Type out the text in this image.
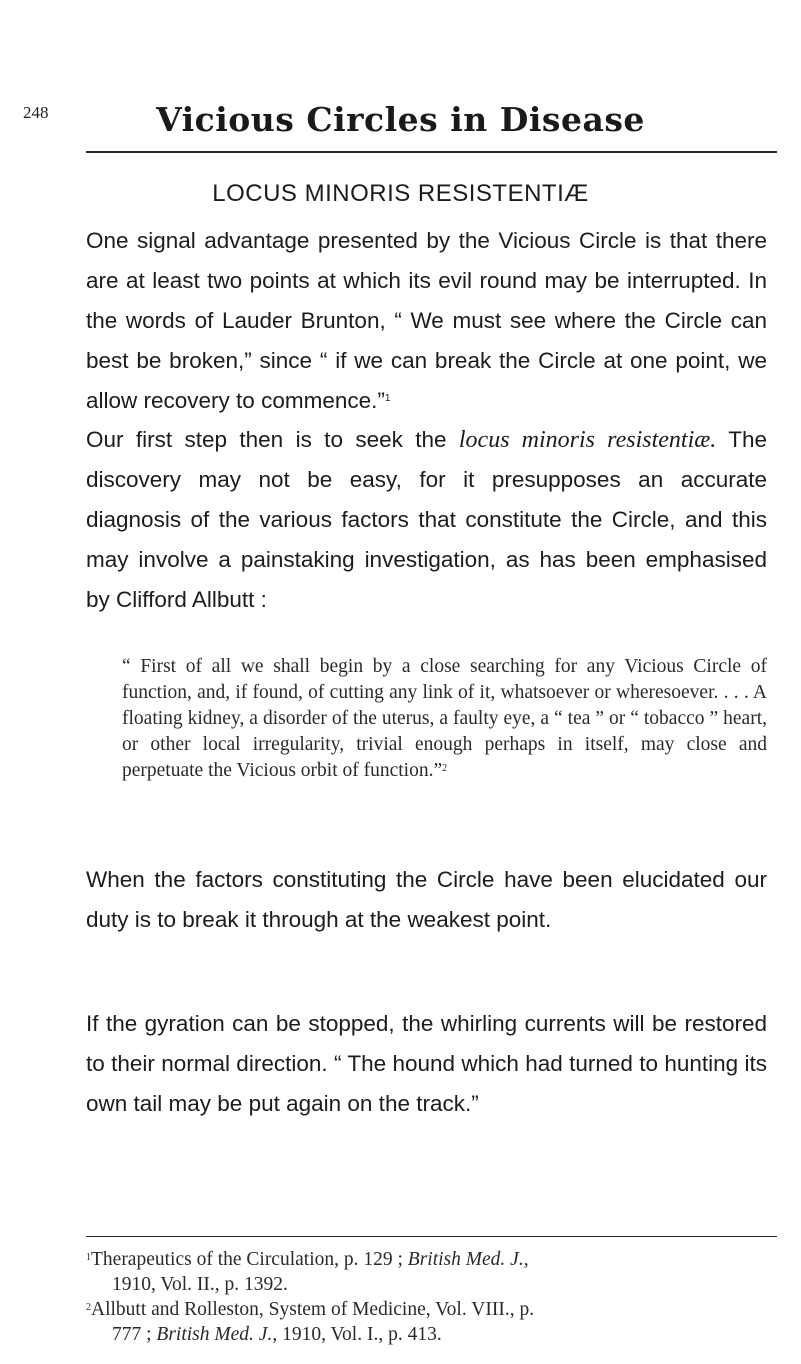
248	Vicious Circles in Disease
LOCUS MINORIS RESISTENTIÆ
One signal advantage presented by the Vicious Circle is that there are at least two points at which its evil round may be interrupted. In the words of Lauder Brunton, “ We must see where the Circle can best be broken,” since “ if we can break the Circle at one point, we allow recovery to commence.”$^1$
Our first step then is to seek the locus minoris resistentiæ. The discovery may not be easy, for it presupposes an accurate diagnosis of the various factors that constitute the Circle, and this may involve a painstaking investigation, as has been emphasised by Clifford Allbutt :
“ First of all we shall begin by a close searching for any Vicious Circle of function, and, if found, of cutting any link of it, whatsoever or wheresoever. . . . A floating kidney, a disorder of the uterus, a faulty eye, a “ tea ” or “ tobacco ” heart, or other local irregularity, trivial enough perhaps in itself, may close and perpetuate the Vicious orbit of function.”$^2$
When the factors constituting the Circle have been elucidated our duty is to break it through at the weakest point.
If the gyration can be stopped, the whirling currents will be restored to their normal direction. “ The hound which had turned to hunting its own tail may be put again on the track.”
$^1$Therapeutics of the Circulation, p. 129 ; British Med. J.,
1910, Vol. II., p. 1392.
$^2$Allbutt and Rolleston, System of Medicine, Vol. VIII., p.
777 ; British Med. J., 1910, Vol. I., p. 413.
